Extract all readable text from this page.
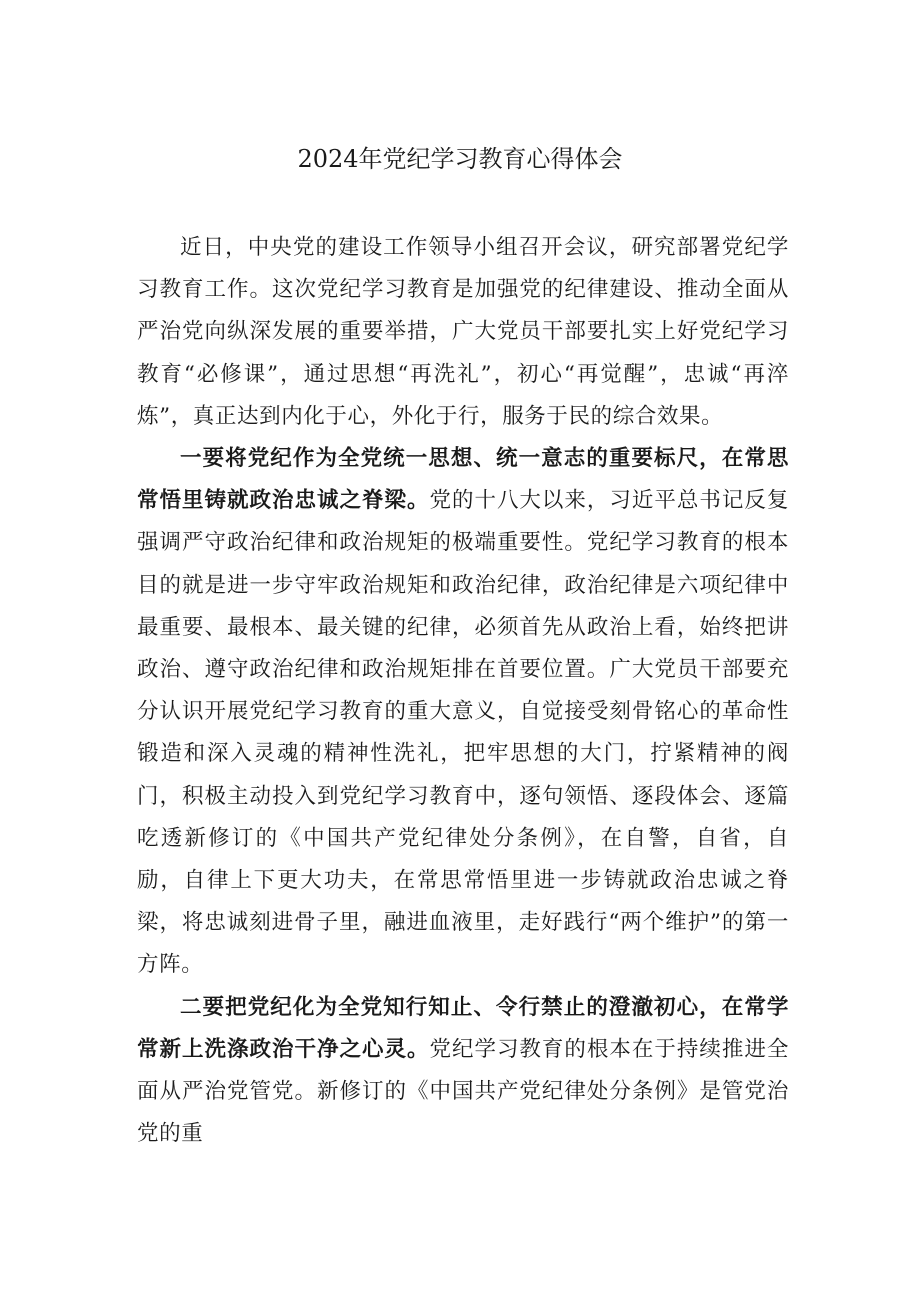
2024年党纪学习教育心得体会

近日，中央党的建设工作领导小组召开会议，研究部署党纪学习教育工作。这次党纪学习教育是加强党的纪律建设、推动全面从严治党向纵深发展的重要举措，广大党员干部要扎实上好党纪学习教育“必修课”，通过思想“再洗礼”，初心“再觉醒”，忠诚“再淬炼”，真正达到内化于心，外化于行，服务于民的综合效果。

一要将党纪作为全党统一思想、统一意志的重要标尺，在常思常悟里铸就政治忠诚之脊梁。党的十八大以来，习近平总书记反复强调严守政治纪律和政治规矩的极端重要性。党纪学习教育的根本目的就是进一步守牢政治规矩和政治纪律，政治纪律是六项纪律中最重要、最根本、最关键的纪律，必须首先从政治上看，始终把讲政治、遵守政治纪律和政治规矩排在首要位置。广大党员干部要充分认识开展党纪学习教育的重大意义，自觉接受刻骨铭心的革命性锻造和深入灵魂的精神性洗礼，把牢思想的大门，拧紧精神的阀门，积极主动投入到党纪学习教育中，逐句领悟、逐段体会、逐篇吃透新修订的《中国共产党纪律处分条例》，在自警，自省，自励，自律上下更大功夫，在常思常悟里进一步铸就政治忠诚之脊梁，将忠诚刻进骨子里，融进血液里，走好践行“两个维护”的第一方阵。

二要把党纪化为全党知行知止、令行禁止的澄澈初心，在常学常新上洗涤政治干净之心灵。党纪学习教育的根本在于持续推进全面从严治党管党。新修订的《中国共产党纪律处分条例》是管党治党的重
